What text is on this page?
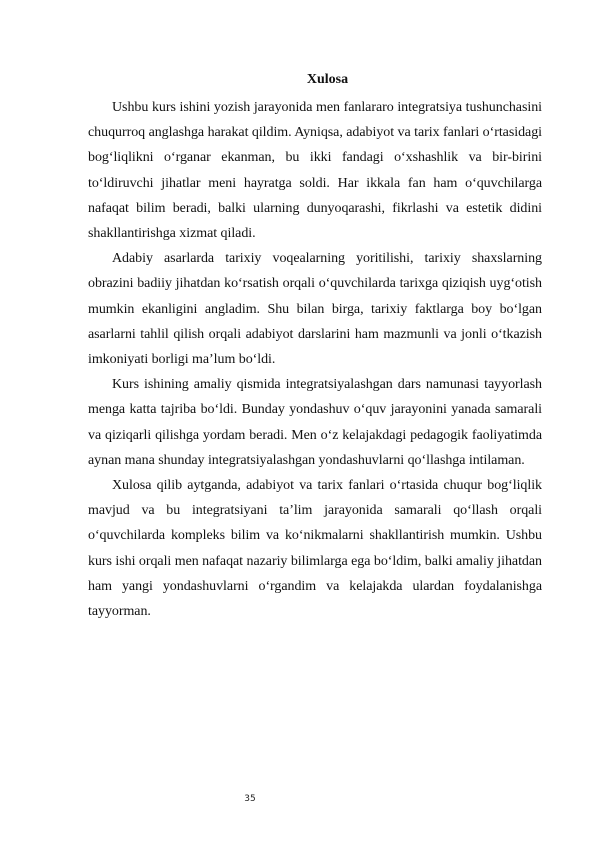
Xulosa

Ushbu kurs ishini yozish jarayonida men fanlararo integratsiya tushunchasini chuqurroq anglashga harakat qildim. Ayniqsa, adabiyot va tarix fanlari o‘rtasidagi bog‘liqlikni o‘rganar ekanman, bu ikki fandagi o‘xshashlik va bir-birini to‘ldiruvchi jihatlar meni hayratga soldi. Har ikkala fan ham o‘quvchilarga nafaqat bilim beradi, balki ularning dunyoqarashi, fikrlashi va estetik didini shakllantirishga xizmat qiladi.

Adabiy asarlarda tarixiy voqealarning yoritilishi, tarixiy shaxslarning obrazini badiiy jihatdan ko‘rsatish orqali o‘quvchilarda tarixga qiziqish uyg‘otish mumkin ekanligini angladim. Shu bilan birga, tarixiy faktlarga boy bo‘lgan asarlarni tahlil qilish orqali adabiyot darslarini ham mazmunli va jonli o‘tkazish imkoniyati borligi ma’lum bo‘ldi.

Kurs ishining amaliy qismida integratsiyalashgan dars namunasi tayyorlash menga katta tajriba bo‘ldi. Bunday yondashuv o‘quv jarayonini yanada samarali va qiziqarli qilishga yordam beradi. Men o‘z kelajakdagi pedagogik faoliyatimda aynan mana shunday integratsiyalashgan yondashuvlarni qo‘llashga intilaman.

Xulosa qilib aytganda, adabiyot va tarix fanlari o‘rtasida chuqur bog‘liqlik mavjud va bu integratsiyani ta’lim jarayonida samarali qo‘llash orqali o‘quvchilarda kompleks bilim va ko‘nikmalarni shakllantirish mumkin. Ushbu kurs ishi orqali men nafaqat nazariy bilimlarga ega bo‘ldim, balki amaliy jihatdan ham yangi yondashuvlarni o‘rgandim va kelajakda ulardan foydalanishga tayyorman.

35
